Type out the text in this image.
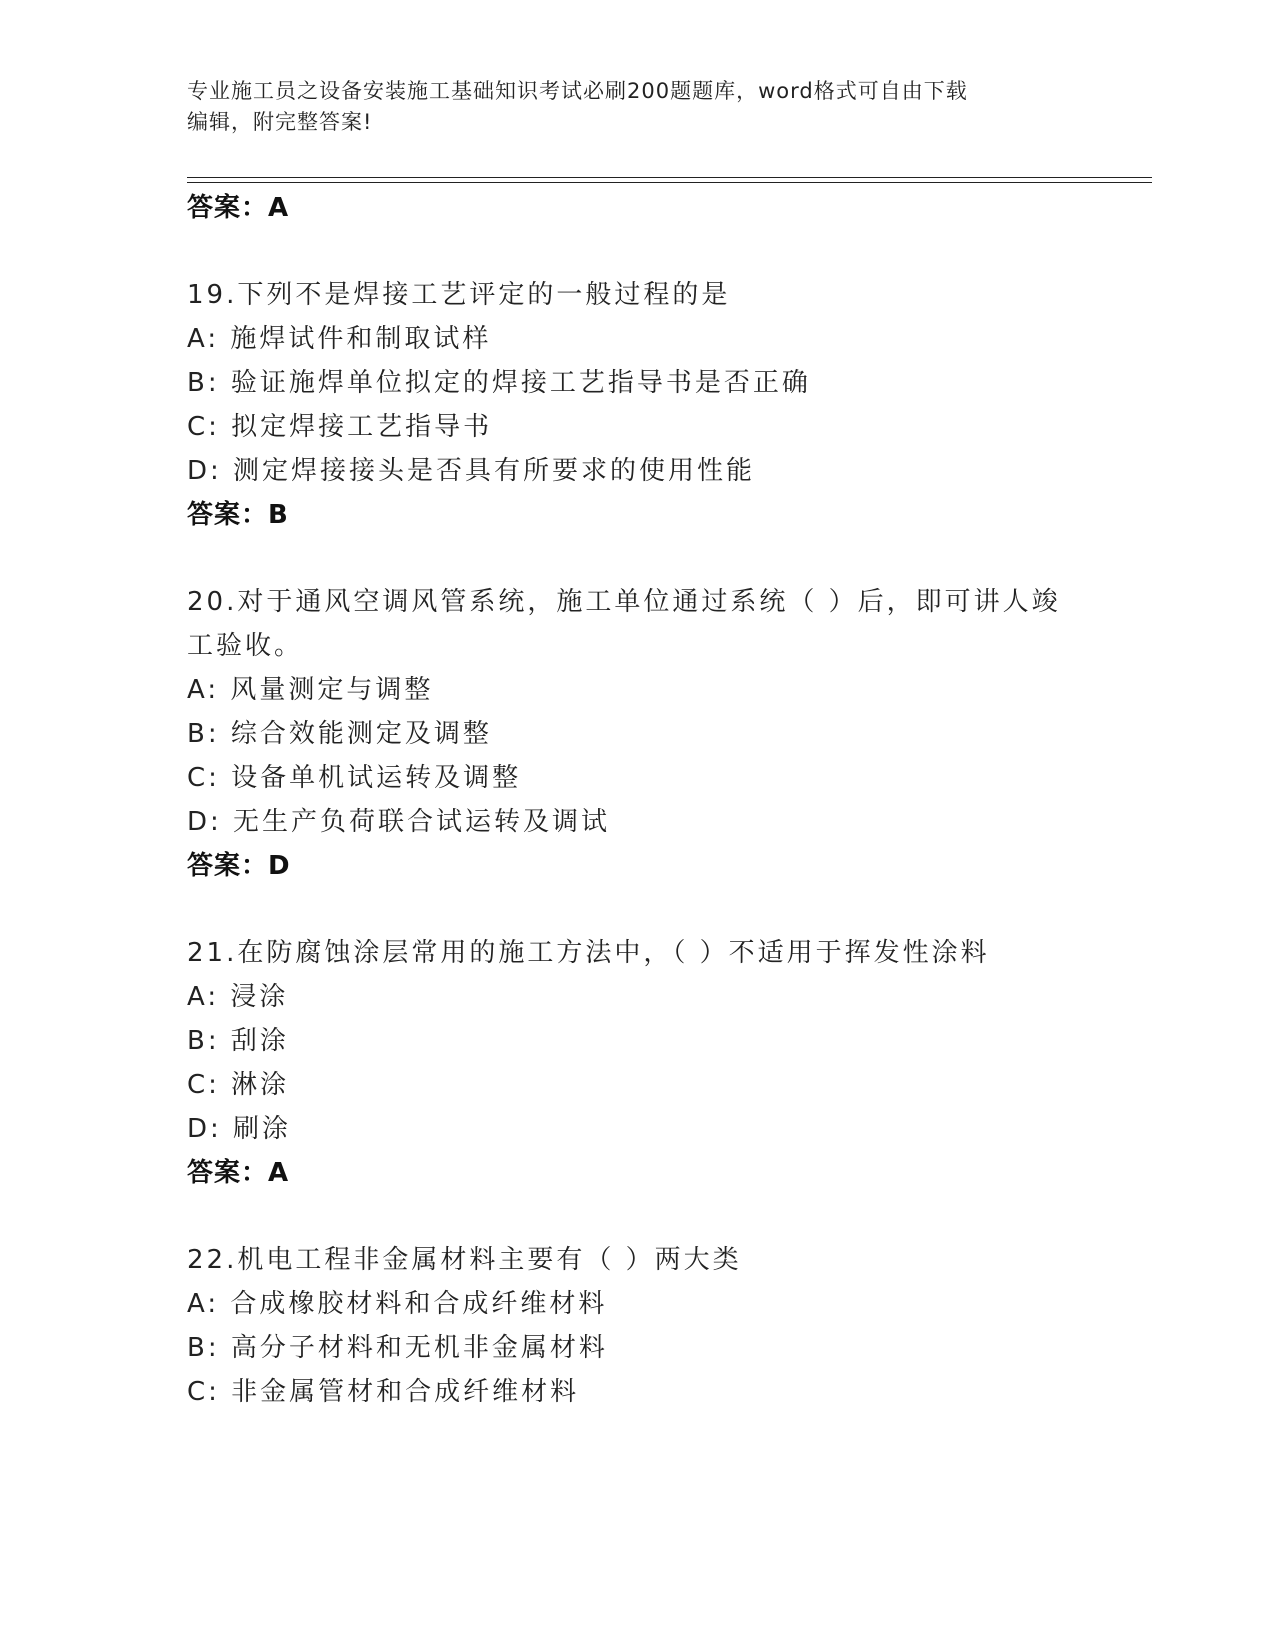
专业施工员之设备安装施工基础知识考试必刷200题题库，word格式可自由下载
编辑，附完整答案!
答案：A
19.下列不是焊接工艺评定的一般过程的是
A: 施焊试件和制取试样
B: 验证施焊单位拟定的焊接工艺指导书是否正确
C: 拟定焊接工艺指导书
D: 测定焊接接头是否具有所要求的使用性能
答案：B
20.对于通风空调风管系统，施工单位通过系统（ ）后，即可讲人竣
工验收。
A: 风量测定与调整
B: 综合效能测定及调整
C: 设备单机试运转及调整
D: 无生产负荷联合试运转及调试
答案：D
21.在防腐蚀涂层常用的施工方法中，（ ）不适用于挥发性涂料
A: 浸涂
B: 刮涂
C: 淋涂
D: 刷涂
答案：A
22.机电工程非金属材料主要有（ ）两大类
A: 合成橡胶材料和合成纤维材料
B: 高分子材料和无机非金属材料
C: 非金属管材和合成纤维材料
